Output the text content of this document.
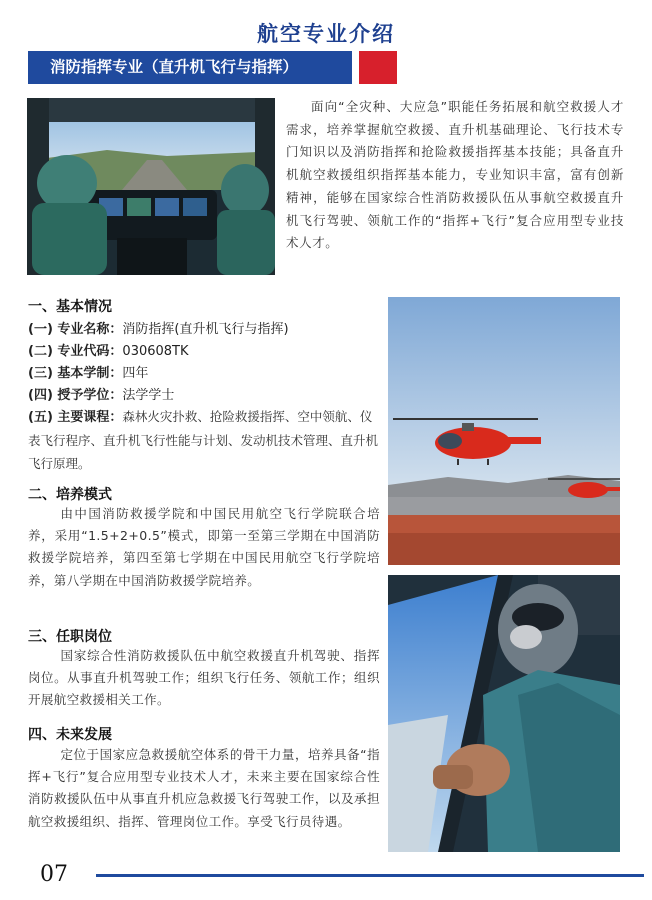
航空专业介绍
消防指挥专业（直升机飞行与指挥）
面向“全灾种、大应急”职能任务拓展和航空救援人才需求，培养掌握航空救援、直升机基础理论、飞行技术专门知识以及消防指挥和抢险救援指挥基本技能；具备直升机航空救援组织指挥基本能力，专业知识丰富，富有创新精神，能够在国家综合性消防救援队伍从事航空救援直升机飞行驾驶、领航工作的“指挥+飞行”复合应用型专业技术人才。
一、基本情况
(一) 专业名称：消防指挥(直升机飞行与指挥)
(二) 专业代码：030608TK
(三) 基本学制：四年
(四) 授予学位：法学学士
(五) 主要课程：森林火灾扑救、抢险救援指挥、空中领航、仪表飞行程序、直升机飞行性能与计划、发动机技术管理、直升机飞行原理。
二、培养模式
由中国消防救援学院和中国民用航空飞行学院联合培养，采用“1.5+2+0.5”模式，即第一至第三学期在中国消防救援学院培养，第四至第七学期在中国民用航空飞行学院培养，第八学期在中国消防救援学院培养。
三、任职岗位
国家综合性消防救援队伍中航空救援直升机驾驶、指挥岗位。从事直升机驾驶工作；组织飞行任务、领航工作；组织开展航空救援相关工作。
四、未来发展
定位于国家应急救援航空体系的骨干力量，培养具备“指挥+飞行”复合应用型专业技术人才，未来主要在国家综合性消防救援队伍中从事直升机应急救援飞行驾驶工作，以及承担航空救援组织、指挥、管理岗位工作。享受飞行员待遇。
07
